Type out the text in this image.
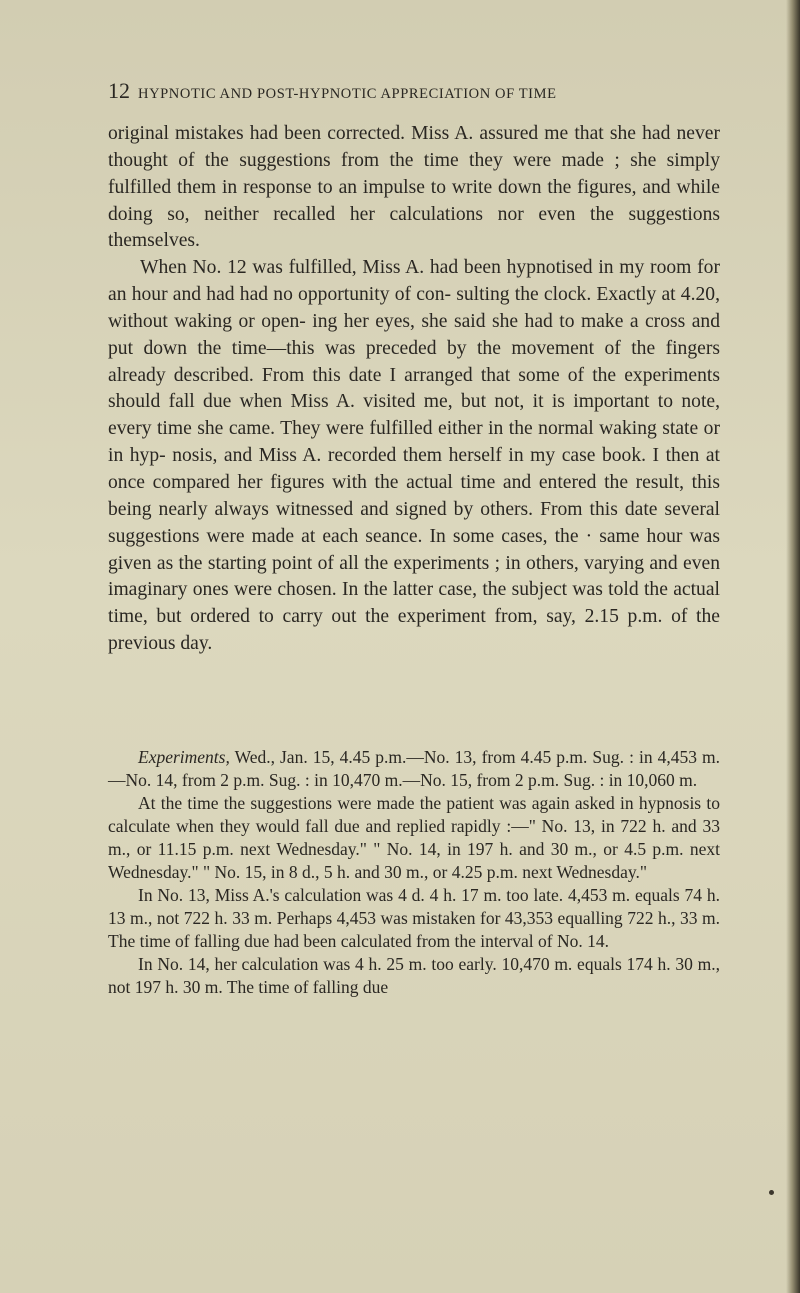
12 HYPNOTIC AND POST-HYPNOTIC APPRECIATION OF TIME

original mistakes had been corrected. Miss A. assured me that she had never thought of the suggestions from the time they were made ; she simply fulfilled them in response to an impulse to write down the figures, and while doing so, neither recalled her calculations nor even the suggestions themselves.

When No. 12 was fulfilled, Miss A. had been hypnotised in my room for an hour and had had no opportunity of con- sulting the clock. Exactly at 4.20, without waking or open- ing her eyes, she said she had to make a cross and put down the time—this was preceded by the movement of the fingers already described. From this date I arranged that some of the experiments should fall due when Miss A. visited me, but not, it is important to note, every time she came. They were fulfilled either in the normal waking state or in hyp- nosis, and Miss A. recorded them herself in my case book. I then at once compared her figures with the actual time and entered the result, this being nearly always witnessed and signed by others. From this date several suggestions were made at each seance. In some cases, the · same hour was given as the starting point of all the experiments ; in others, varying and even imaginary ones were chosen. In the latter case, the subject was told the actual time, but ordered to carry out the experiment from, say, 2.15 p.m. of the previous day.

Experiments, Wed., Jan. 15, 4.45 p.m.—No. 13, from 4.45 p.m. Sug. : in 4,453 m.—No. 14, from 2 p.m. Sug. : in 10,470 m.—No. 15, from 2 p.m. Sug. : in 10,060 m.

At the time the suggestions were made the patient was again asked in hypnosis to calculate when they would fall due and replied rapidly :—" No. 13, in 722 h. and 33 m., or 11.15 p.m. next Wednesday." " No. 14, in 197 h. and 30 m., or 4.5 p.m. next Wednesday." " No. 15, in 8 d., 5 h. and 30 m., or 4.25 p.m. next Wednesday."

In No. 13, Miss A.'s calculation was 4 d. 4 h. 17 m. too late. 4,453 m. equals 74 h. 13 m., not 722 h. 33 m. Perhaps 4,453 was mistaken for 43,353 equalling 722 h., 33 m. The time of falling due had been calculated from the interval of No. 14.

In No. 14, her calculation was 4 h. 25 m. too early. 10,470 m. equals 174 h. 30 m., not 197 h. 30 m. The time of falling due
